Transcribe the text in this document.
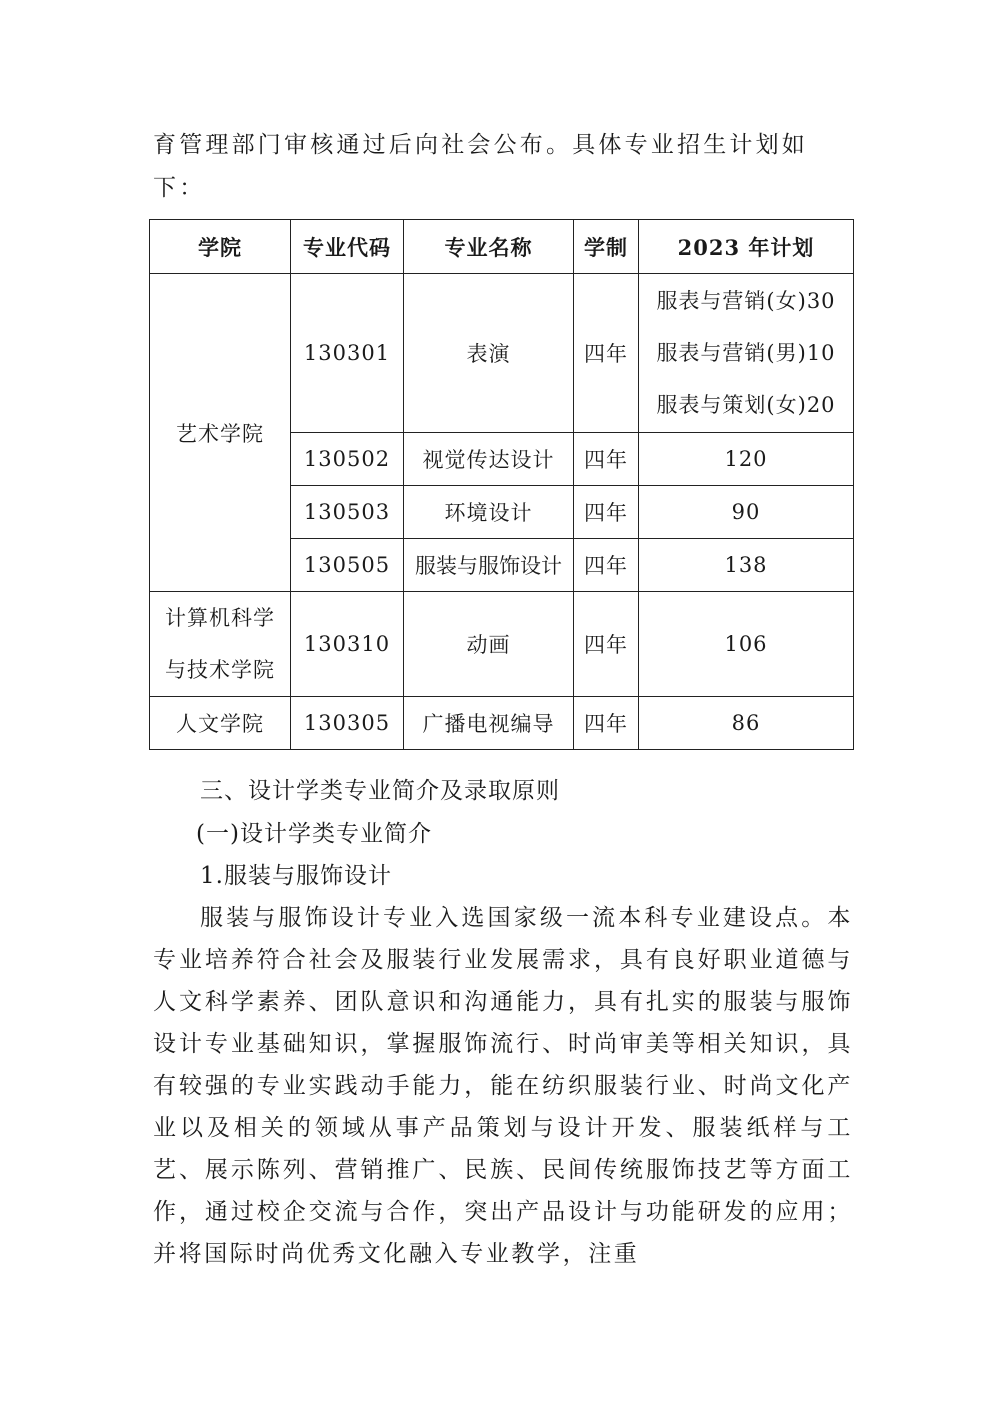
育管理部门审核通过后向社会公布。具体专业招生计划如下：

学院	专业代码	专业名称	学制	2023 年计划
艺术学院	130301	表演	四年	服表与营销(女)30
服表与营销(男)10
服表与策划(女)20

	130502	视觉传达设计	四年	120
	130503	环境设计	四年	90
	130505	服装与服饰设计	四年	138

计算机科学
与技术学院	130310	动画	四年	106
人文学院	130305	广播电视编导	四年	86

三、设计学类专业简介及录取原则

(一)设计学类专业简介

1.服装与服饰设计

服装与服饰设计专业入选国家级一流本科专业建设点。本专业培养符合社会及服装行业发展需求，具有良好职业道德与人文科学素养、团队意识和沟通能力，具有扎实的服装与服饰设计专业基础知识，掌握服饰流行、时尚审美等相关知识，具有较强的专业实践动手能力，能在纺织服装行业、时尚文化产业以及相关的领域从事产品策划与设计开发、服装纸样与工艺、展示陈列、营销推广、民族、民间传统服饰技艺等方面工作，通过校企交流与合作，突出产品设计与功能研发的应用；并将国际时尚优秀文化融入专业教学，注重
